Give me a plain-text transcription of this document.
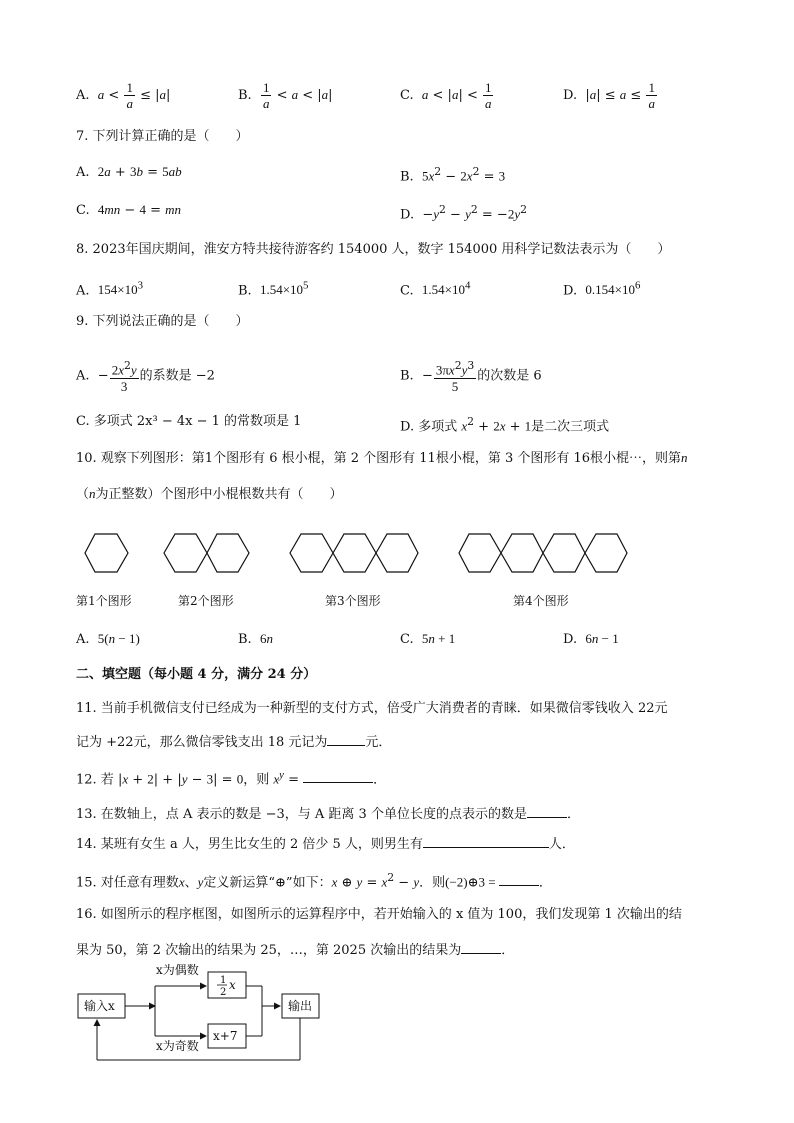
A. $a < \frac{1}{a} \le |a|$	B. $\frac{1}{a} < a < |a|$	C. $a < |a| < \frac{1}{a}$	D.  $|a| \le a \le \frac{1}{a}$
7. 下列计算正确的是（　　）
A.  2a + 3b = 5ab	B.  $5x^2 - 2x^2 = 3$
C.  4mn − 4 = mn	D.  $-y^2 - y^2 = -2y^2$
8. 2023年国庆期间，淮安方特共接待游客约 154000 人，数字 154000 用科学记数法表示为（　　）
A.  $154\times 10^3$	B.  $1.54\times 10^5$	C.  $1.54\times 10^4$	D.  $0.154\times 10^6$
9. 下列说法正确的是（　　）
A.  − $\frac{2x^2y}{3}$ 的系数是 −2	B.  − $\frac{3\pi x^2y^3}{5}$ 的次数是 6
C. 多项式 2x³ − 4x − 1 的常数项是 1	D. 多项式 $x^2 + 2x + 1$是二次三项式
10. 观察下列图形：第1个图形有 6 根小棍，第 2 个图形有 11根小棍，第 3 个图形有 16根小棍⋯，则第n
（n为正整数）个图形中小棍根数共有（　　）
第1个图形	第2个图形	第3个图形	第4个图形
A.  5(n − 1)	B.  6n	C.  5n + 1	D.  6n − 1
二、填空题（每小题 4 分，满分 24 分）
11. 当前手机微信支付已经成为一种新型的支付方式，倍受广大消费者的青睐．如果微信零钱收入 22元
记为 +22元，那么微信零钱支出 18 元记为	元．
12. 若 |x + 2| + |y − 3| = 0，则 $x^y$ =	．
13. 在数轴上，点 A 表示的数是 −3，与 A 距离 3 个单位长度的点表示的数是	．
14. 某班有女生 a 人，男生比女生的 2 倍少 5 人，则男生有	人．
15. 对任意有理数x、y定义新运算“⊕”如下：x ⊕ $y = x^2 - y$．则(−2)⊕3 =	．
16. 如图所示的程序框图，如图所示的运算程序中，若开始输入的 x 值为 100，我们发现第 1 次输出的结
果为 50，第 2 次输出的结果为 25，…，第 2025 次输出的结果为	．
输入x	输出
x为偶数
x为奇数
1
2
x
x+7
